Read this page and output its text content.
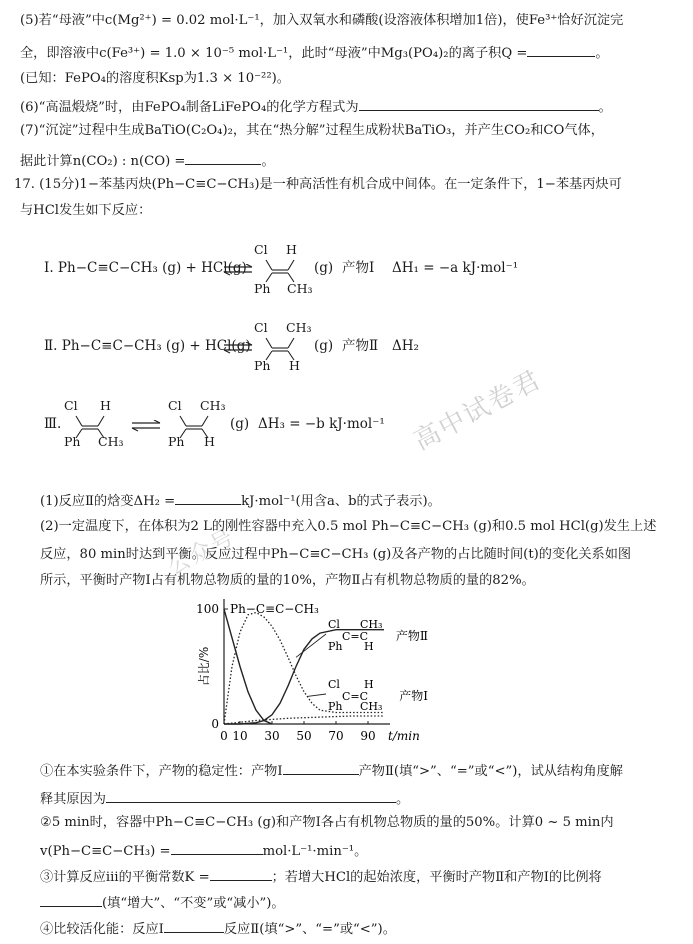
(5)若“母液”中c(Mg²⁺) = 0.02 mol·L⁻¹，加入双氧水和磷酸(设溶液体积增加1倍)，使Fe³⁺恰好沉淀完
全，即溶液中c(Fe³⁺) = 1.0 × 10⁻⁵ mol·L⁻¹，此时“母液”中Mg₃(PO₄)₂的离子积Q =	。
(已知：FePO₄的溶度积Ksp为1.3 × 10⁻²²)。
(6)“高温煅烧”时，由FePO₄制备LiFePO₄的化学方程式为	。
(7)“沉淀”过程中生成BaTiO(C₂O₄)₂，其在“热分解”过程生成粉状BaTiO₃，并产生CO₂和CO气体，
据此计算n(CO₂) : n(CO) =	。
17. (15分)1−苯基丙炔(Ph−C≡C−CH₃)是一种高活性有机合成中间体。在一定条件下，1−苯基丙炔可
与HCl发生如下反应：
Ⅰ. Ph−C≡C−CH₃ (g) + HCl(g)
Cl H
Ph CH₃
(g) 产物Ⅰ ΔH₁ = −a kJ·mol⁻¹
Ⅱ. Ph−C≡C−CH₃ (g) + HCl(g)
Cl CH₃
Ph H
(g) 产物Ⅱ ΔH₂
Ⅲ.
Cl H
Ph CH₃
Cl CH₃
Ph H
(g) ΔH₃ = −b kJ·mol⁻¹ 高中试卷君
公众号
(1)反应Ⅱ的焓变ΔH₂ =	kJ·mol⁻¹(用含a、b的式子表示)。
(2)一定温度下，在体积为2 L的刚性容器中充入0.5 mol Ph−C≡C−CH₃ (g)和0.5 mol HCl(g)发生上述
反应，80 min时达到平衡。反应过程中Ph−C≡C−CH₃ (g)及各产物的占比随时间(t)的变化关系如图
所示，平衡时产物Ⅰ占有机物总物质的量的10%，产物Ⅱ占有机物总物质的量的82%。
0
100
0 10 30 50 70 90 t/min
占比/%
Ph−C≡C−CH₃
Cl CH₃
Ph H
C=C 产物Ⅱ
Cl H
Ph CH₃
C=C	产物Ⅰ
①在本实验条件下，产物的稳定性：产物Ⅰ	产物Ⅱ(填“>”、“=”或“<”)，试从结构角度解
释其原因为	。
②5 min时，容器中Ph−C≡C−CH₃ (g)和产物Ⅰ各占有机物总物质的量的50%。计算0 ~ 5 min内
v(Ph−C≡C−CH₃) =	mol·L⁻¹·min⁻¹。
③计算反应ⅲ的平衡常数K =	；若增大HCl的起始浓度，平衡时产物Ⅱ和产物Ⅰ的比例将
(填“增大”、“不变”或“减小”)。
④比较活化能：反应Ⅰ	反应Ⅱ(填“>”、“=”或“<”)。
